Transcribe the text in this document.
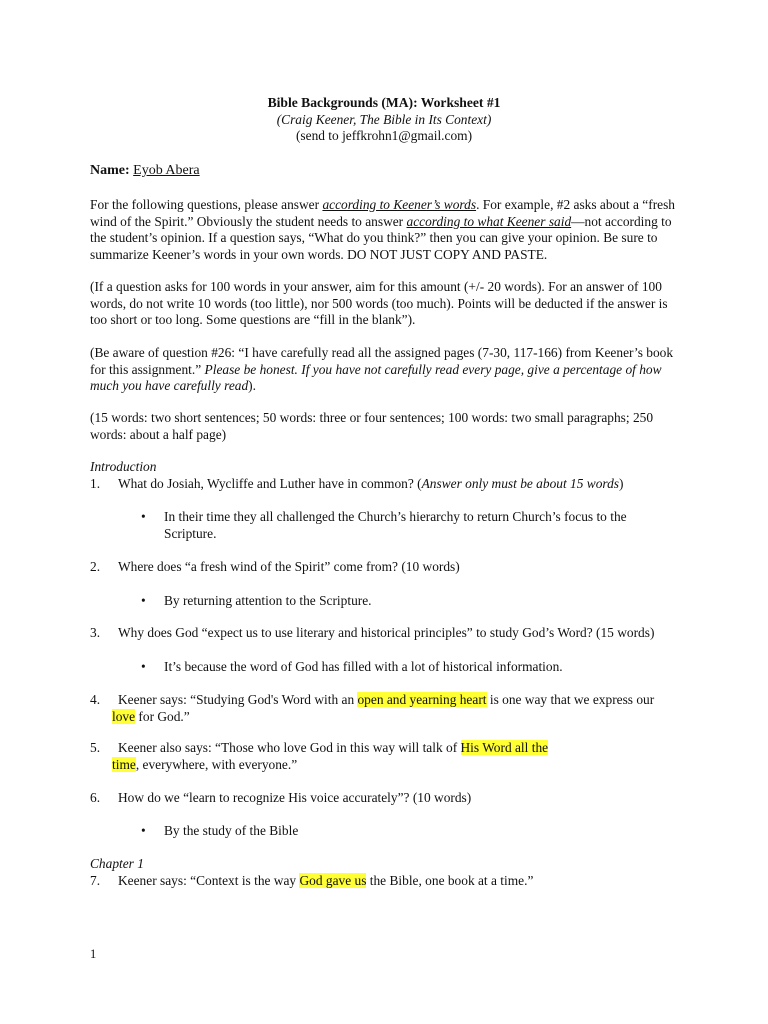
Bible Backgrounds (MA): Worksheet #1
(Craig Keener, The Bible in Its Context)
(send to jeffkrohn1@gmail.com)
Name: Eyob Abera
For the following questions, please answer according to Keener’s words. For example, #2 asks about a “fresh wind of the Spirit.” Obviously the student needs to answer according to what Keener said—not according to the student’s opinion. If a question says, “What do you think?” then you can give your opinion. Be sure to summarize Keener’s words in your own words. DO NOT JUST COPY AND PASTE.
(If a question asks for 100 words in your answer, aim for this amount (+/- 20 words). For an answer of 100 words, do not write 10 words (too little), nor 500 words (too much). Points will be deducted if the answer is too short or too long. Some questions are “fill in the blank”).
(Be aware of question #26: “I have carefully read all the assigned pages (7-30, 117-166) from Keener’s book for this assignment.” Please be honest. If you have not carefully read every page, give a percentage of how much you have carefully read).
(15 words: two short sentences; 50 words: three or four sentences; 100 words: two small paragraphs; 250 words: about a half page)
Introduction
1. What do Josiah, Wycliffe and Luther have in common? (Answer only must be about 15 words)
• In their time they all challenged the Church’s hierarchy to return Church’s focus to the Scripture.
2. Where does “a fresh wind of the Spirit” come from? (10 words)
• By returning attention to the Scripture.
3. Why does God “expect us to use literary and historical principles” to study God’s Word? (15 words)
• It’s because the word of God has filled with a lot of historical information.
4. Keener says: “Studying God's Word with an open and yearning heart is one way that we express our
love for God.”
5. Keener also says: “Those who love God in this way will talk of His Word all the
time, everywhere, with everyone.”
6. How do we “learn to recognize His voice accurately”? (10 words)
• By the study of the Bible
Chapter 1
7. Keener says: “Context is the way God gave us the Bible, one book at a time.”
1
